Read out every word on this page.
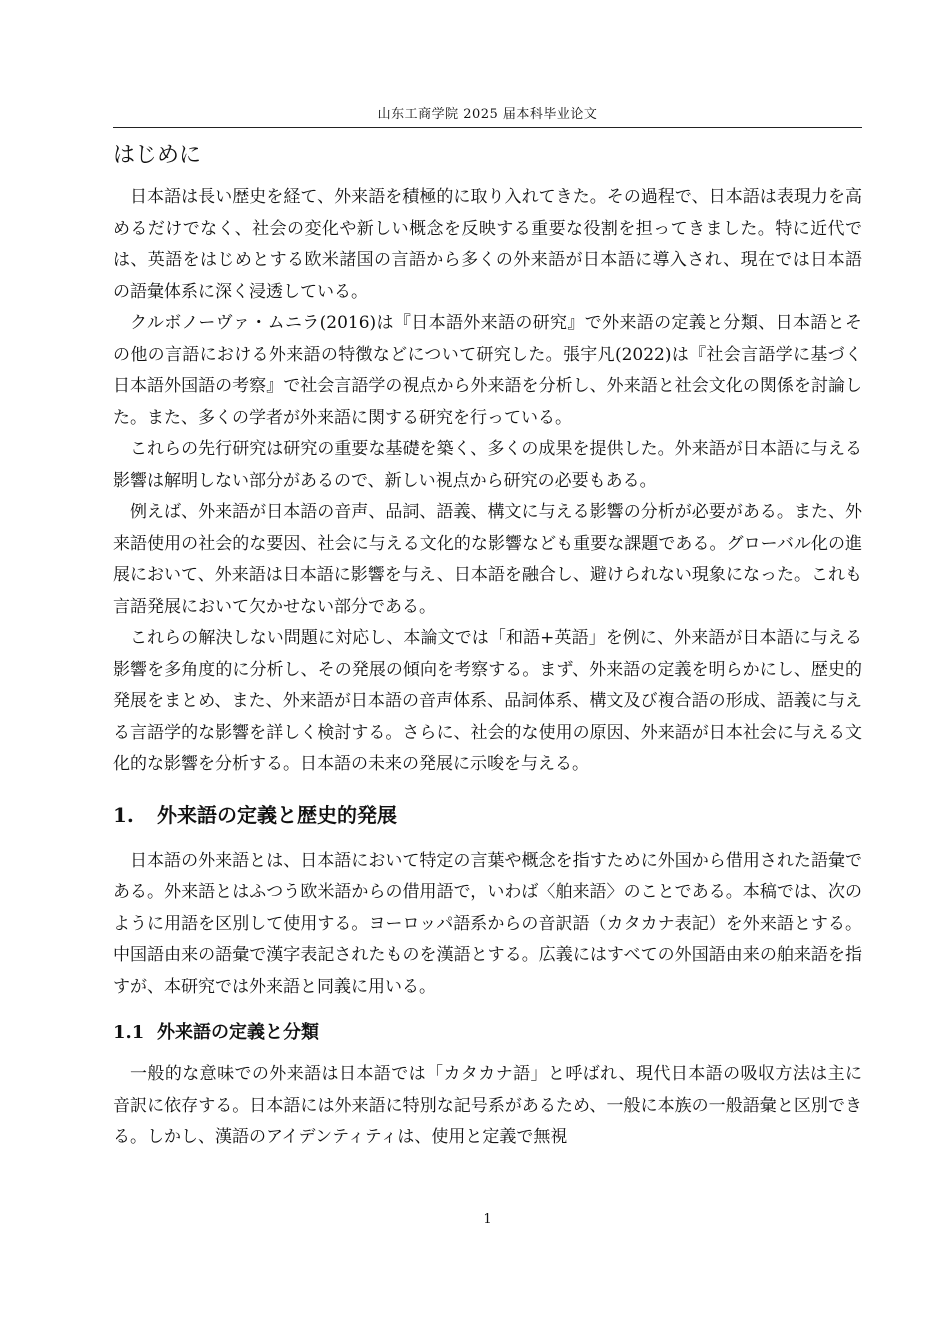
山东工商学院 2025 届本科毕业论文
はじめに

日本語は長い歴史を経て、外来語を積極的に取り入れてきた。その過程で、日本語は表現力を高めるだけでなく、社会の変化や新しい概念を反映する重要な役割を担ってきました。特に近代では、英語をはじめとする欧米諸国の言語から多くの外来語が日本語に導入され、現在では日本語の語彙体系に深く浸透している。

クルボノーヴァ・ムニラ(2016)は『日本語外来語の研究』で外来語の定義と分類、日本語とその他の言語における外来語の特徴などについて研究した。張宇凡(2022)は『社会言語学に基づく日本語外国語の考察』で社会言語学の視点から外来語を分析し、外来語と社会文化の関係を討論した。また、多くの学者が外来語に関する研究を行っている。

これらの先行研究は研究の重要な基礎を築く、多くの成果を提供した。外来語が日本語に与える影響は解明しない部分があるので、新しい視点から研究の必要もある。

例えば、外来語が日本語の音声、品詞、語義、構文に与える影響の分析が必要がある。また、外来語使用の社会的な要因、社会に与える文化的な影響なども重要な課題である。グローバル化の進展において、外来語は日本語に影響を与え、日本語を融合し、避けられない現象になった。これも言語発展において欠かせない部分である。

これらの解決しない問題に対応し、本論文では「和語+英語」を例に、外来語が日本語に与える影響を多角度的に分析し、その発展の傾向を考察する。まず、外来語の定義を明らかにし、歴史的発展をまとめ、また、外来語が日本語の音声体系、品詞体系、構文及び複合語の形成、語義に与える言語学的な影響を詳しく検討する。さらに、社会的な使用の原因、外来語が日本社会に与える文化的な影響を分析する。日本語の未来の発展に示唆を与える。

1.	外来語の定義と歴史的発展

日本語の外来語とは、日本語において特定の言葉や概念を指すために外国から借用された語彙である。外来語とはふつう欧米語からの借用語で，いわば〈舶来語〉のことである。本稿では、次のように用語を区別して使用する。ヨーロッパ語系からの音訳語（カタカナ表記）を外来語とする。中国語由来の語彙で漢字表記されたものを漢語とする。広義にはすべての外国語由来の舶来語を指すが、本研究では外来語と同義に用いる。

1.1 外来語の定義と分類

一般的な意味での外来語は日本語では「カタカナ語」と呼ばれ、現代日本語の吸収方法は主に音訳に依存する。日本語には外来語に特別な記号系があるため、一般に本族の一般語彙と区別できる。しかし、漢語のアイデンティティは、使用と定義で無視

1
